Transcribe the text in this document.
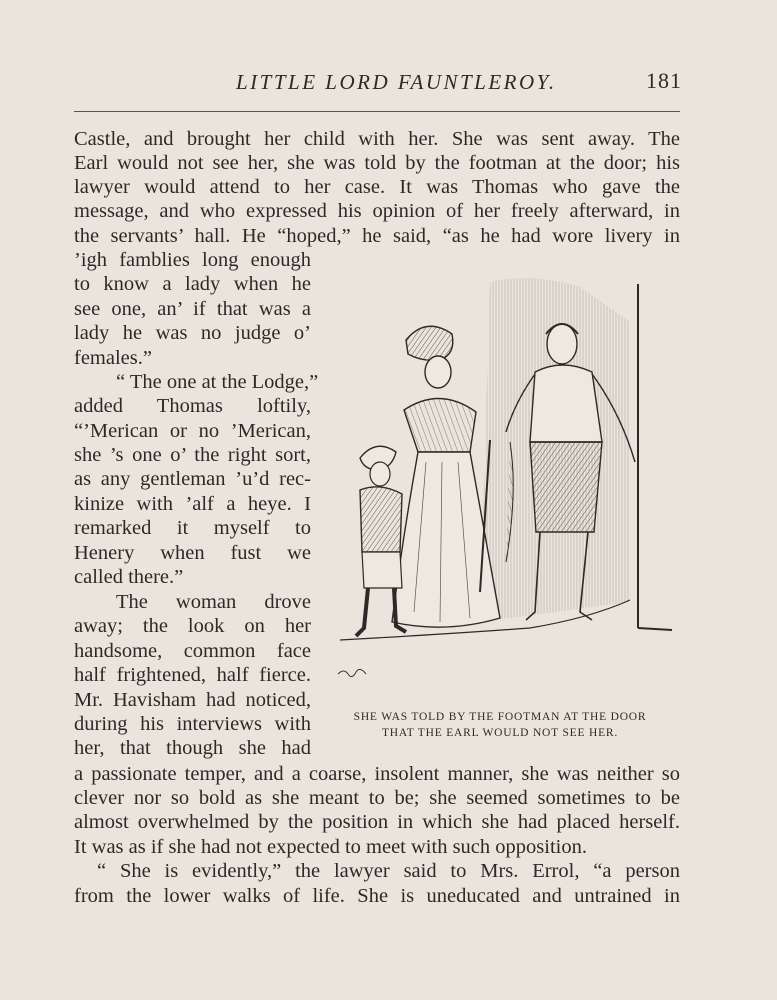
LITTLE LORD FAUNTLEROY.	181
Castle, and brought her child with her. She was sent away. The
Earl would not see her, she was told by the footman at the door; his
lawyer would attend to her case. It was Thomas who gave the
message, and who expressed his opinion of her freely afterward, in
the servants’ hall. He “hoped,” he said, “as he had wore livery in
’igh famblies long enough
to know a lady when he
see one, an’ if that was a
lady he was no judge o’
females.”
“ The one at the Lodge,”
added Thomas loftily,
“’Merican or no ’Merican,
she ’s one o’ the right sort,
as any gentleman ’u’d rec-
kinize with ’alf a heye. I
remarked it myself to
Henery when fust we
called there.”
The woman drove
away; the look on her
handsome, common face
half frightened, half fierce.
Mr. Havisham had noticed,
during his interviews with
her, that though she had
a passionate temper, and a coarse, insolent manner, she was neither so
clever nor so bold as she meant to be; she seemed sometimes to be
almost overwhelmed by the position in which she had placed herself.
It was as if she had not expected to meet with such opposition.
“ She is evidently,” the lawyer said to Mrs. Errol, “a person
from the lower walks of life. She is uneducated and untrained in
SHE WAS TOLD BY THE FOOTMAN AT THE DOOR
THAT THE EARL WOULD NOT SEE HER.
